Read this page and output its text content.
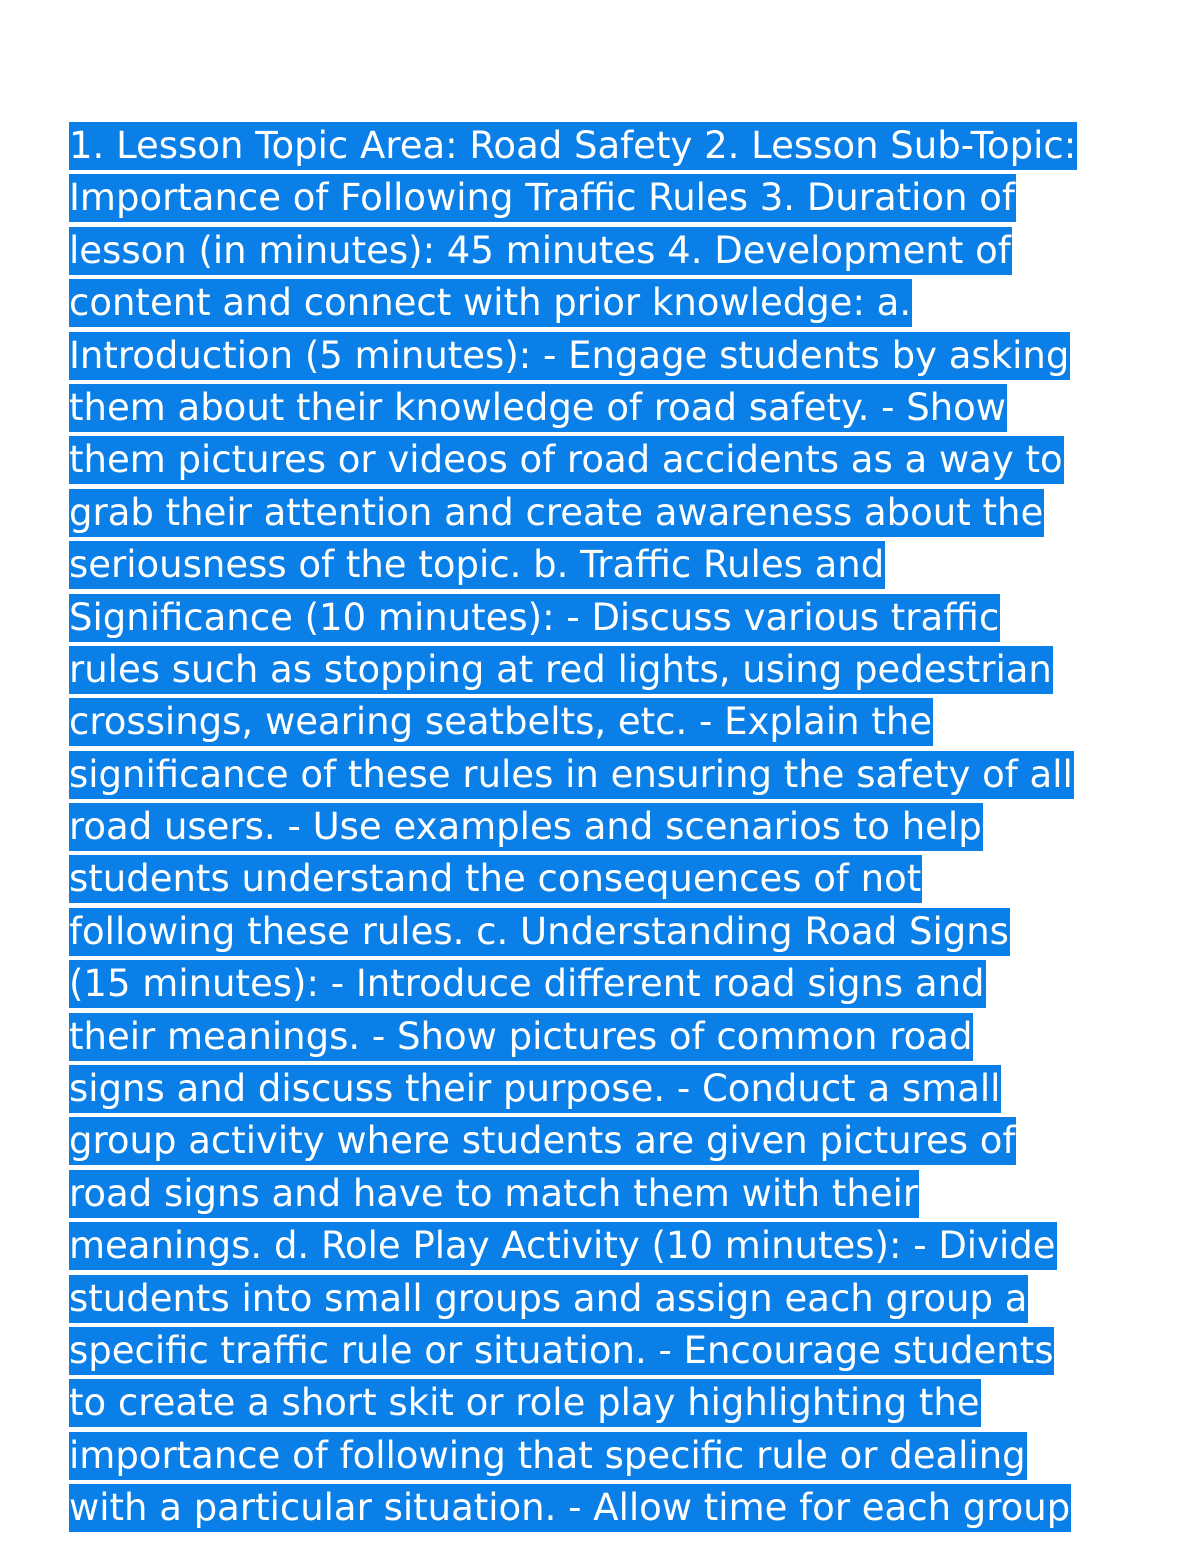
1. Lesson Topic Area: Road Safety 2. Lesson Sub-Topic:
Importance of Following Traffic Rules 3. Duration of
lesson (in minutes): 45 minutes 4. Development of
content and connect with prior knowledge: a.
Introduction (5 minutes): - Engage students by asking
them about their knowledge of road safety. - Show
them pictures or videos of road accidents as a way to
grab their attention and create awareness about the
seriousness of the topic. b. Traffic Rules and
Significance (10 minutes): - Discuss various traffic
rules such as stopping at red lights, using pedestrian
crossings, wearing seatbelts, etc. - Explain the
significance of these rules in ensuring the safety of all
road users. - Use examples and scenarios to help
students understand the consequences of not
following these rules. c. Understanding Road Signs
(15 minutes): - Introduce different road signs and
their meanings. - Show pictures of common road
signs and discuss their purpose. - Conduct a small
group activity where students are given pictures of
road signs and have to match them with their
meanings. d. Role Play Activity (10 minutes): - Divide
students into small groups and assign each group a
specific traffic rule or situation. - Encourage students
to create a short skit or role play highlighting the
importance of following that specific rule or dealing
with a particular situation. - Allow time for each group
